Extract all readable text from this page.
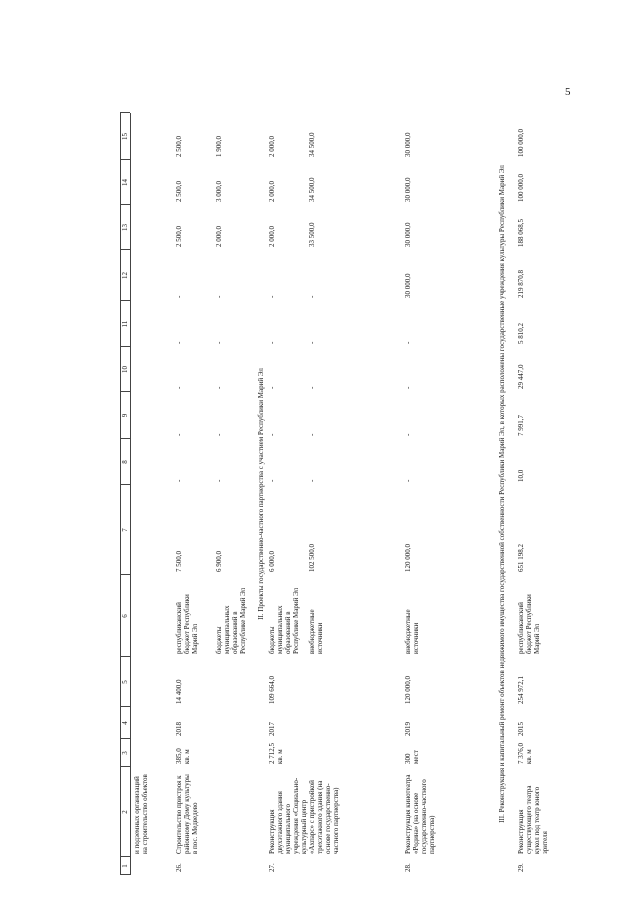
5
1
2
3
4
5
6
7
8
9
10
11
12
13
14
15
и подземных организаций на строительство объектов
26.
Строительство пристроя к районному Дому культуры в пос. Медведево
385,0 кв. м
2018
14 400,0
республиканский бюджет Республики Марий Эл
7 500,0
-
-
-
-
-
2 500,0
2 500,0
2 500,0
бюджеты муниципальных образований в Республике Марий Эл
6 900,0
-
-
-
-
-
2 000,0
3 000,0
1 900,0
27.
Реконструкция двухэтажного здания муниципального учреждения «Социально-культурный центр «Ахпарс» с пристройкой трехэтажного здания (на основе государственно-частного партнерства)
2 712,5 кв. м
2017
109 664,0
бюджеты муниципальных образований в Республике Марий Эл
6 000,0
-
-
-
-
-
2 000,0
2 000,0
2 000,0
внебюджетные источники
102 500,0
-
-
-
-
-
33 500,0
34 500,0
34 500,0
28.
Реконструкция кинотеатра «Родина» (на основе государственно-частного партнерства)
300 мест
2019
120 000,0
внебюджетные источники
120 000,0
-
-
-
-
30 000,0
30 000,0
30 000,0
30 000,0
29.
Реконструкция существующего театра кукол под театр юного зрителя
7 376,0 кв. м
2015
254 972,1
республиканский бюджет Республики Марий Эл
651 198,2
10,0
7 991,7
29 447,0
5 810,2
219 870,8
188 068,5
100 000,0
100 000,0
II. Проекты государственно-частного партнерства с участием Республики Марий Эл	III. Реконструкция и капитальный ремонт объектов недвижимого имущества государственной собственности Республики Марий Эл, в которых расположены государственные учреждения культуры Республики Марий Эл
